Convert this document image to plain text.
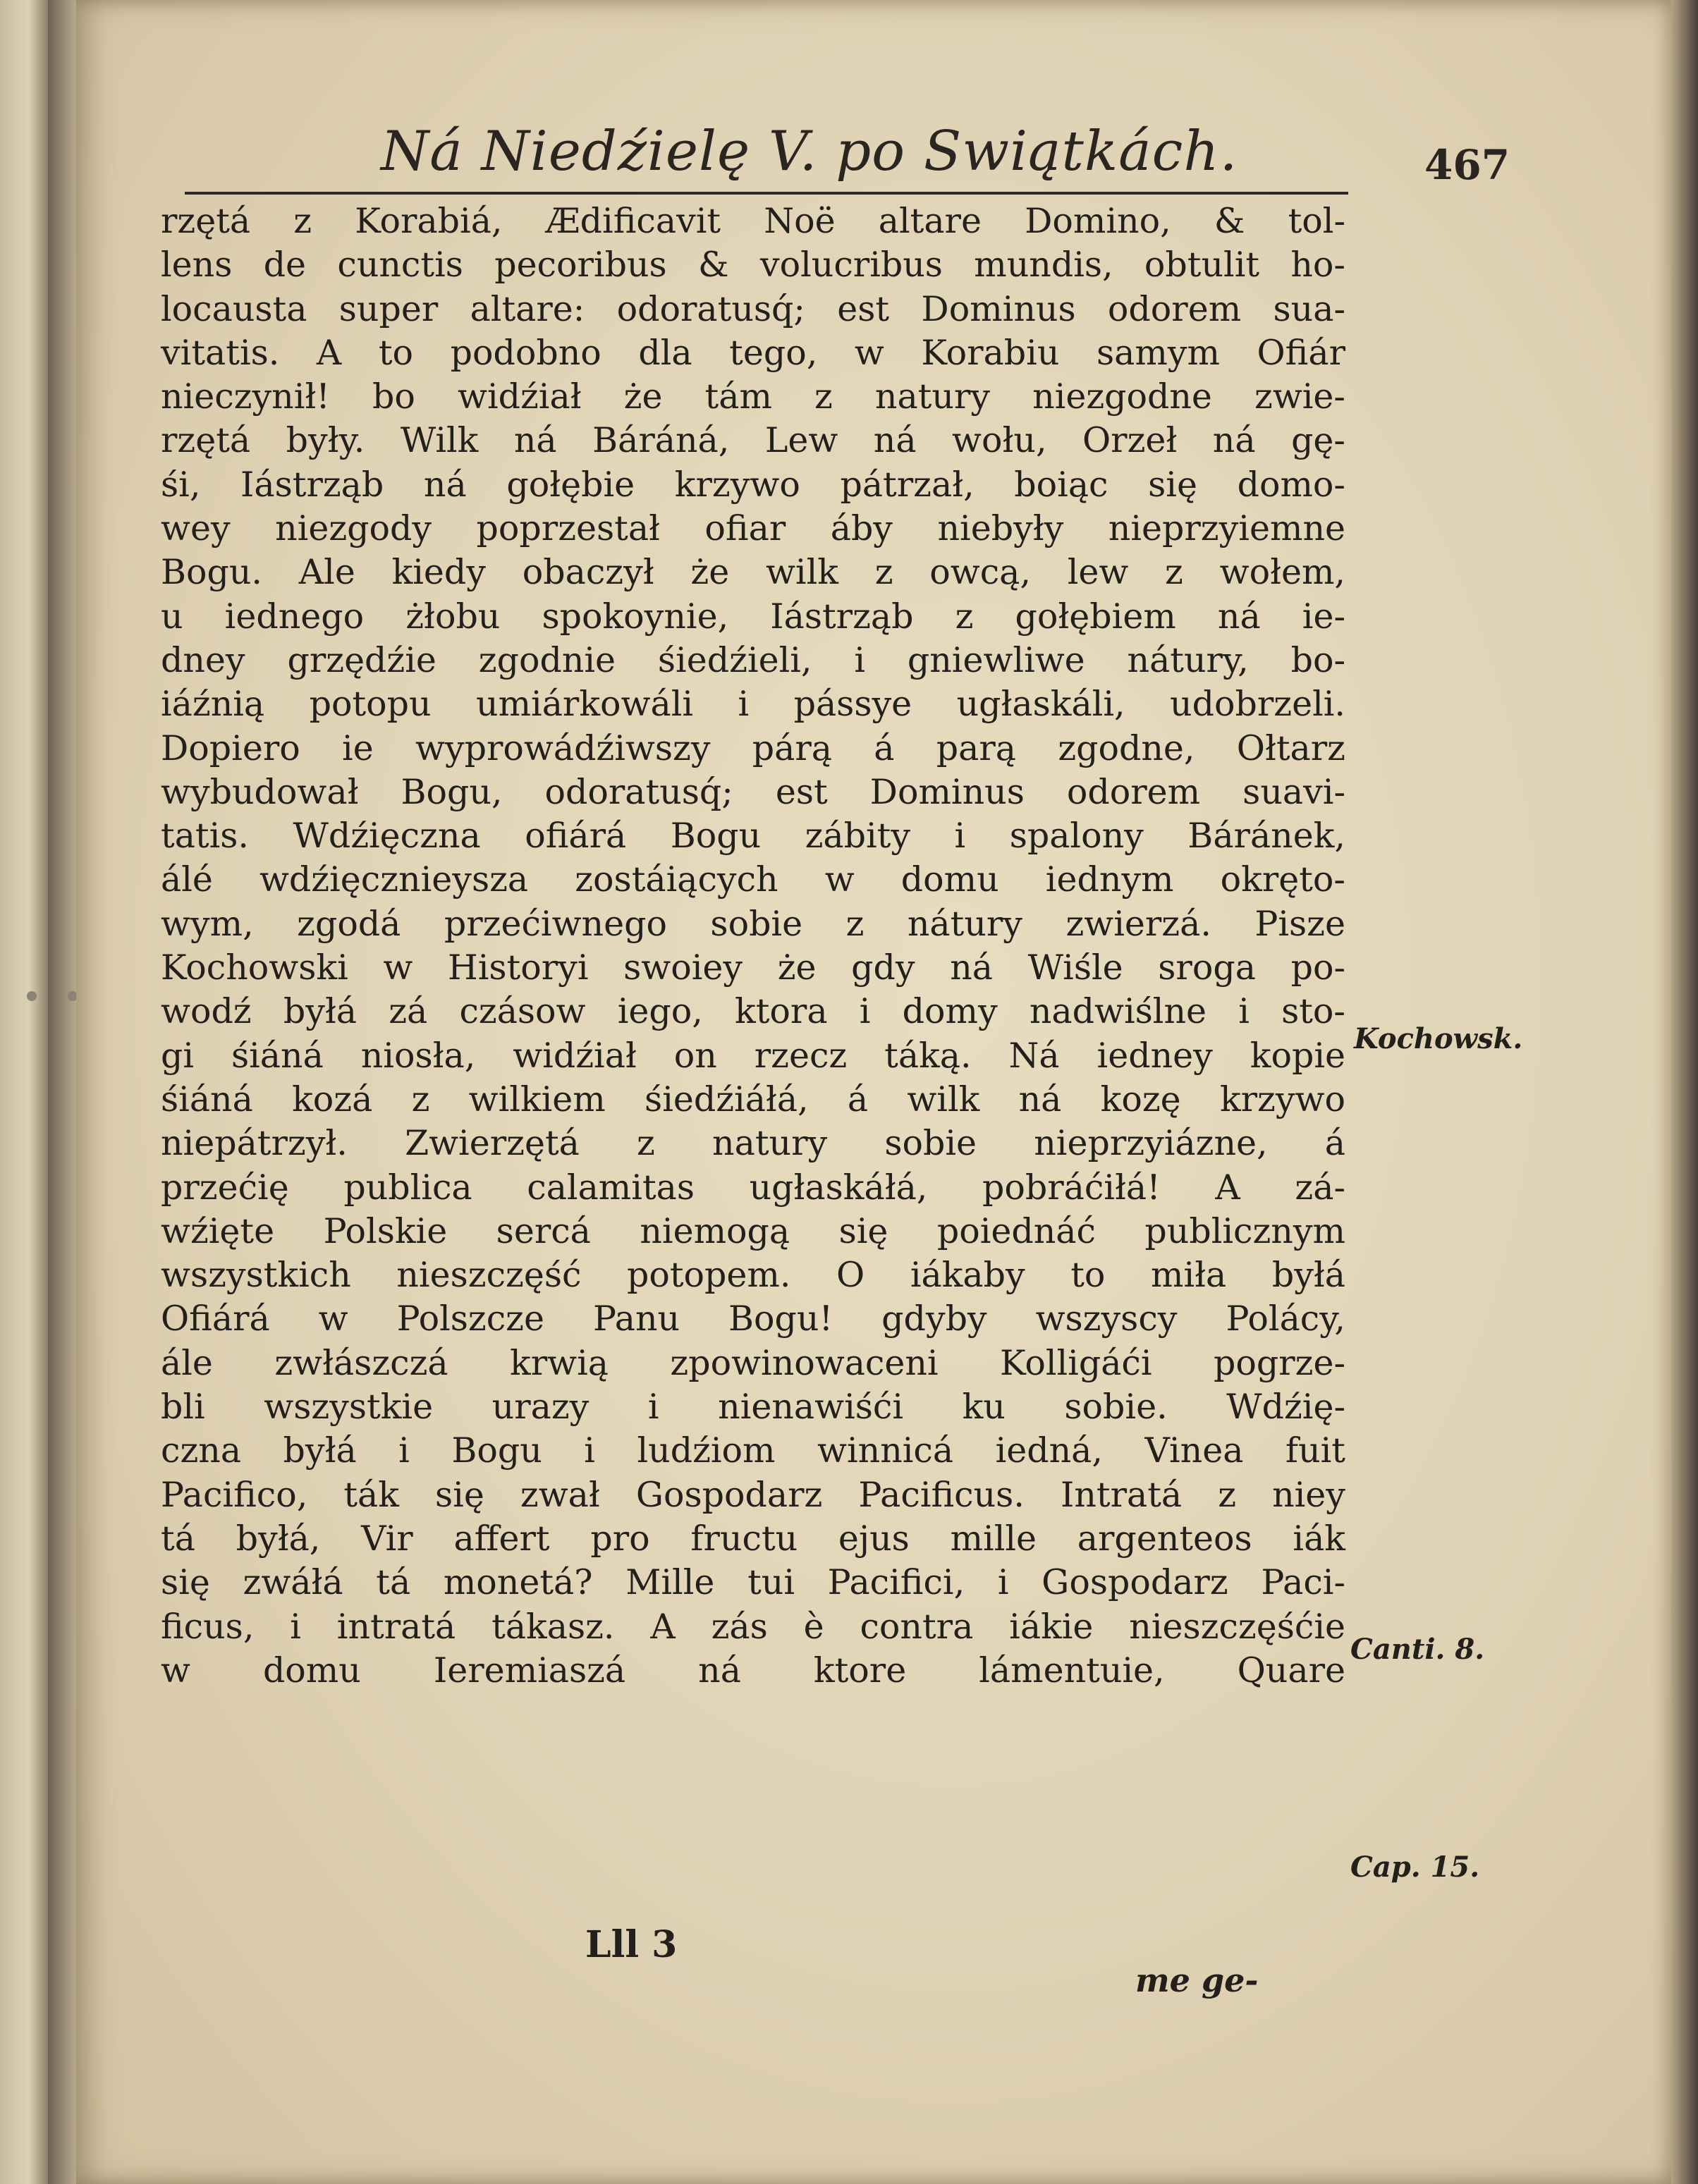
Ná Niedźielę V. po Swiątkách.	467
rzętá z Korabiá, Ædificavit Noë altare Domino, & tol-
lens de cunctis pecoribus & volucribus mundis, obtulit ho-
locausta super altare: odoratusq́; est Dominus odorem sua-
vitatis. A to podobno dla tego, w Korabiu samym Ofiár
nieczynił! bo widźiał że tám z natury niezgodne zwie-
rzętá były. Wilk ná Báráná, Lew ná wołu, Orzeł ná gę-
śi, Iástrząb ná gołębie krzywo pátrzał, boiąc się domo-
wey niezgody poprzestał ofiar áby niebyły nieprzyiemne
Bogu. Ale kiedy obaczył że wilk z owcą, lew z wołem,
u iednego żłobu spokoynie, Iástrząb z gołębiem ná ie-
dney grzędźie zgodnie śiedźieli, i gniewliwe nátury, bo-
iáźnią potopu umiárkowáli i pássye ugłaskáli, udobrzeli.
Dopiero ie wyprowádźiwszy párą á parą zgodne, Ołtarz
wybudował Bogu, odoratusq́; est Dominus odorem suavi-
tatis. Wdźięczna ofiárá Bogu zábity i spalony Báránek,
álé wdźięcznieysza zostáiących w domu iednym okręto-
wym, zgodá przećiwnego sobie z nátury zwierzá. Pisze
Kochowski w Historyi swoiey że gdy ná Wiśle sroga po-
wodź byłá zá czásow iego, ktora i domy nadwiślne i sto-
gi śiáná niosła, widźiał on rzecz táką. Ná iedney kopie
śiáná kozá z wilkiem śiedźiáłá, á wilk ná kozę krzywo
niepátrzył. Zwierzętá z natury sobie nieprzyiázne, á
przećię publica calamitas ugłaskáłá, pobráćiłá! A zá-
wźięte Polskie sercá niemogą się poiednáć publicznym
wszystkich nieszczęść potopem. O iákaby to miła byłá
Ofiárá w Polszcze Panu Bogu! gdyby wszyscy Polácy,
ále zwłászczá krwią zpowinowaceni Kolligáći pogrze-
bli wszystkie urazy i nienawiśći ku sobie. Wdźię-
czna byłá i Bogu i ludźiom winnicá iedná, Vinea fuit
Pacifico, ták się zwał Gospodarz Pacificus. Intratá z niey
tá byłá, Vir affert pro fructu ejus mille argenteos iák
się zwáłá tá monetá? Mille tui Pacifici, i Gospodarz Paci-
ficus, i intratá tákasz. A zás è contra iákie nieszczęśćie
w domu Ieremiaszá ná ktore lámentuie, Quare
Kochowsk.
Canti. 8.
Cap. 15.
Lll 3
me ge-
